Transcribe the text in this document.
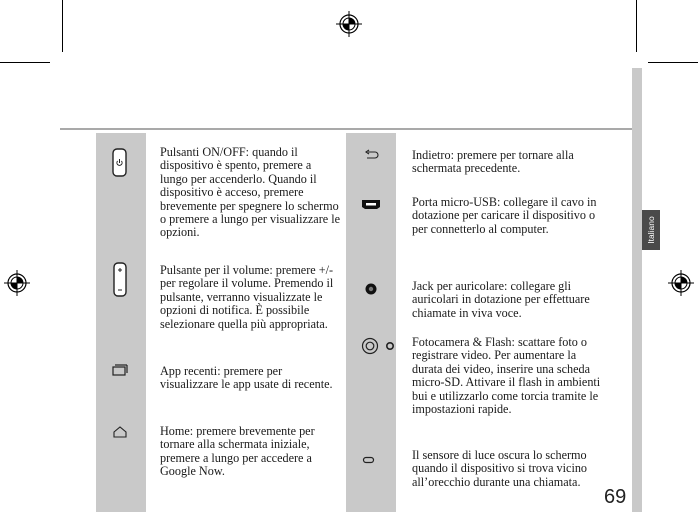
Italiano
Pulsanti ON/OFF: quando il dispositivo è spento, premere a lungo per accenderlo. Quando il dispositivo è acceso, premere brevemente per spegnere lo schermo o premere a lungo per visualizzare le opzioni.
Pulsante per il volume: premere +/- per regolare il volume. Premendo il pulsante, verranno visualizzate le opzioni di notifica. È possibile selezionare quella più appropriata.
App recenti: premere per visualizzare le app usate di recente.
Home: premere brevemente per tornare alla schermata iniziale, premere a lungo per accedere a Google Now.
Indietro: premere per tornare alla schermata precedente.
Porta micro-USB: collegare il cavo in dotazione per caricare il dispositivo o per connetterlo al computer.
Jack per auricolare: collegare gli auricolari in dotazione per effettuare chiamate in viva voce.
Fotocamera & Flash: scattare foto o registrare video. Per aumentare la durata dei video, inserire una scheda micro-SD. Attivare il flash in ambienti bui e utilizzarlo come torcia tramite le impostazioni rapide.
Il sensore di luce oscura lo schermo quando il dispositivo si trova vicino all’orecchio durante una chiamata.
69
